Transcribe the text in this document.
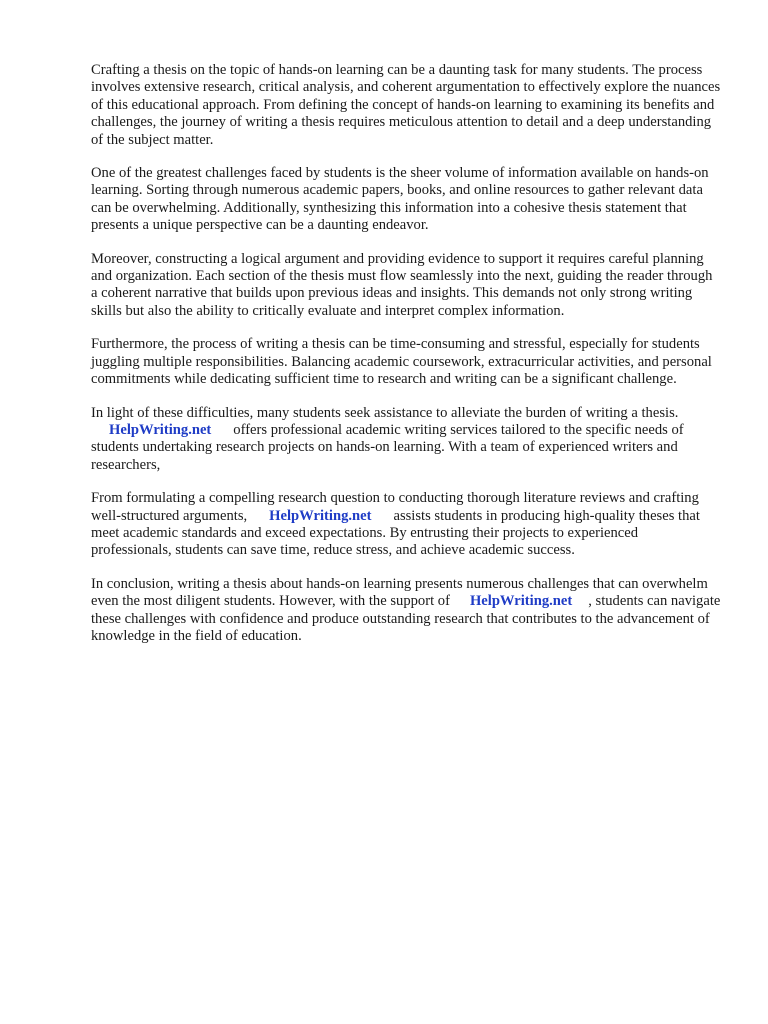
Crafting a thesis on the topic of hands-on learning can be a daunting task for many students. The process involves extensive research, critical analysis, and coherent argumentation to effectively explore the nuances of this educational approach. From defining the concept of hands-on learning to examining its benefits and challenges, the journey of writing a thesis requires meticulous attention to detail and a deep understanding of the subject matter.

One of the greatest challenges faced by students is the sheer volume of information available on hands-on learning. Sorting through numerous academic papers, books, and online resources to gather relevant data can be overwhelming. Additionally, synthesizing this information into a cohesive thesis statement that presents a unique perspective can be a daunting endeavor.

Moreover, constructing a logical argument and providing evidence to support it requires careful planning and organization. Each section of the thesis must flow seamlessly into the next, guiding the reader through a coherent narrative that builds upon previous ideas and insights. This demands not only strong writing skills but also the ability to critically evaluate and interpret complex information.

Furthermore, the process of writing a thesis can be time-consuming and stressful, especially for students juggling multiple responsibilities. Balancing academic coursework, extracurricular activities, and personal commitments while dedicating sufficient time to research and writing can be a significant challenge.

In light of these difficulties, many students seek assistance to alleviate the burden of writing a thesis.
HelpWriting.net offers professional academic writing services tailored to the specific needs of students undertaking research projects on hands-on learning. With a team of experienced writers and researchers,

From formulating a compelling research question to conducting thorough literature reviews and crafting well-structured arguments, HelpWriting.net assists students in producing high-quality theses that meet academic standards and exceed expectations. By entrusting their projects to experienced professionals, students can save time, reduce stress, and achieve academic success.

In conclusion, writing a thesis about hands-on learning presents numerous challenges that can overwhelm even the most diligent students. However, with the support of HelpWriting.net , students can navigate these challenges with confidence and produce outstanding research that contributes to the advancement of knowledge in the field of education.
